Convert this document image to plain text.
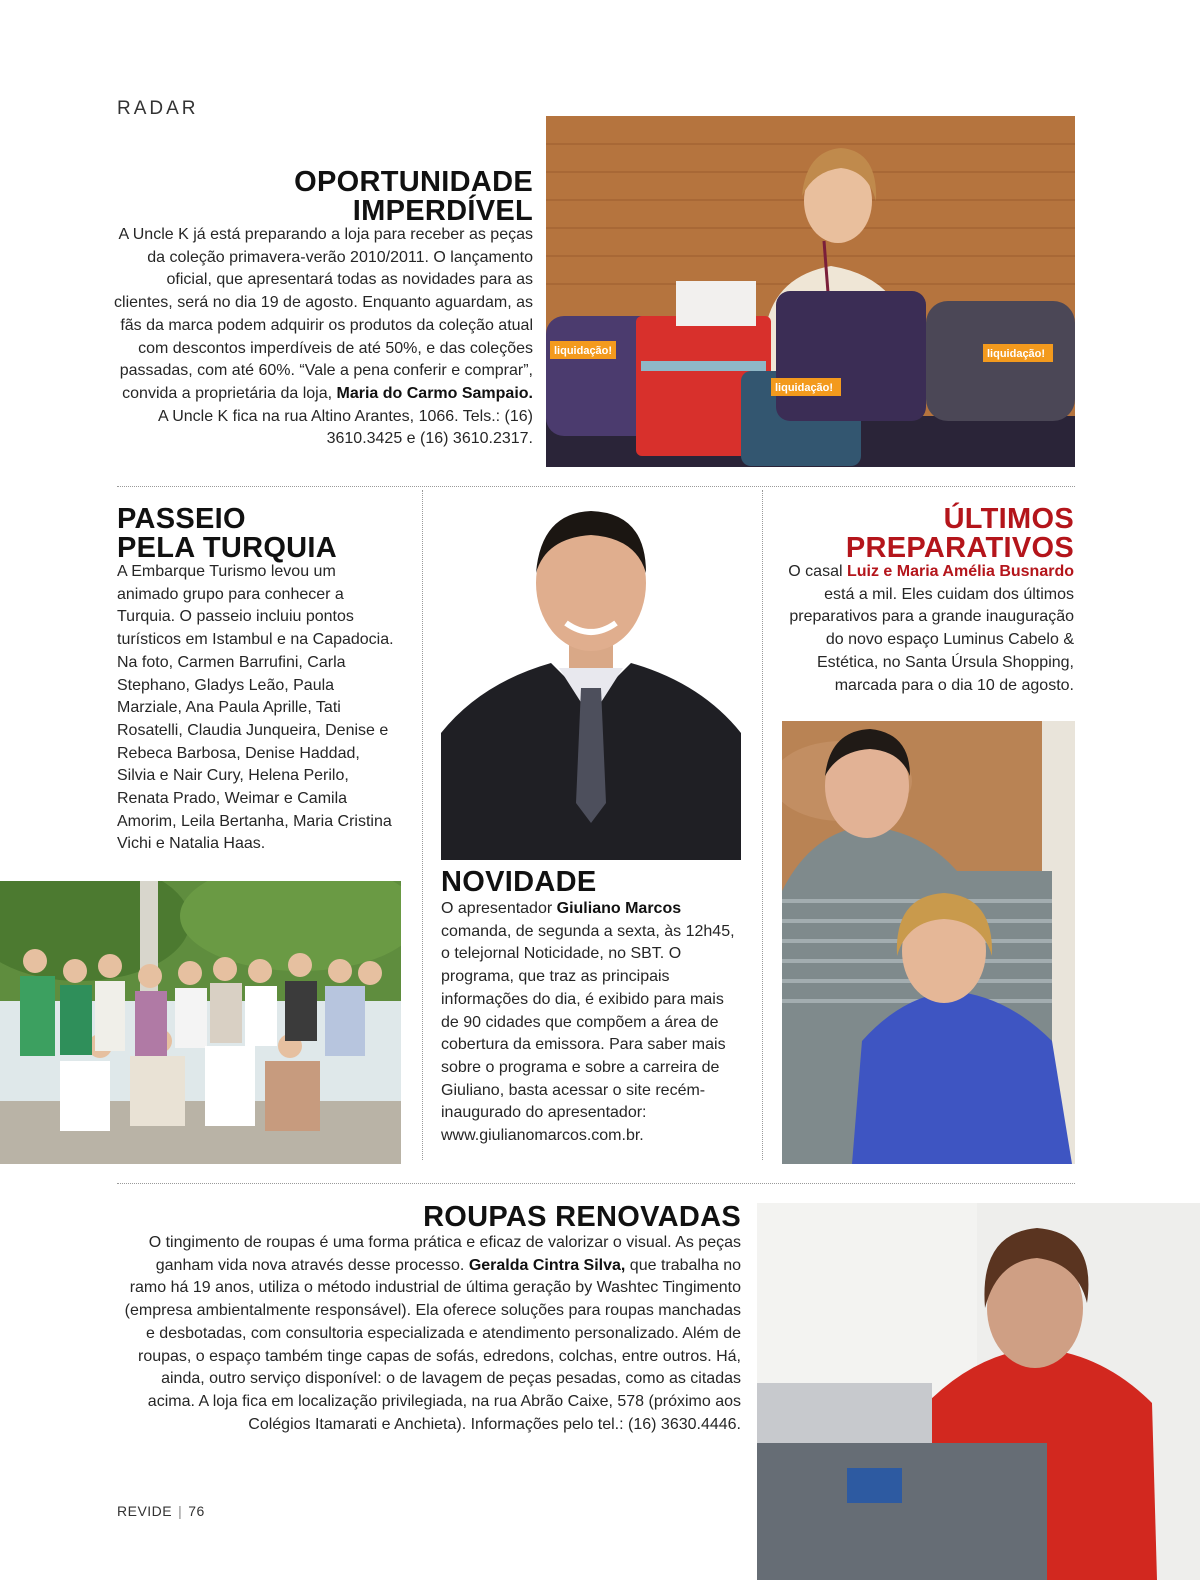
RADAR
OPORTUNIDADE
IMPERDÍVEL
A Uncle K já está preparando a loja para receber as peças da coleção primavera-verão 2010/2011. O lançamento oficial, que apresentará todas as novidades para as clientes, será no dia 19 de agosto. Enquanto aguardam, as fãs da marca podem adquirir os produtos da coleção atual com descontos imperdíveis de até 50%, e das coleções passadas, com até 60%. “Vale a pena conferir e comprar”, convida a proprietária da loja, Maria do Carmo Sampaio. A Uncle K fica na rua Altino Arantes, 1066. Tels.: (16) 3610.3425 e (16) 3610.2317.
liquidação!
liquidação!
liquidação!
PASSEIO
PELA TURQUIA
A Embarque Turismo levou um animado grupo para conhecer a Turquia. O passeio incluiu pontos turísticos em Istambul e na Capadocia. Na foto, Carmen Barrufini, Carla Stephano, Gladys Leão, Paula Marziale, Ana Paula Aprille, Tati Rosatelli, Claudia Junqueira, Denise e Rebeca Barbosa, Denise Haddad, Silvia e Nair Cury, Helena Perilo, Renata Prado, Weimar e Camila Amorim, Leila Bertanha, Maria Cristina Vichi e Natalia Haas.
NOVIDADE
O apresentador Giuliano Marcos comanda, de segunda a sexta, às 12h45, o telejornal Noticidade, no SBT. O programa, que traz as principais informações do dia, é exibido para mais de 90 cidades que compõem a área de cobertura da emissora. Para saber mais sobre o programa e sobre a carreira de Giuliano, basta acessar o site recém-inaugurado do apresentador: www.giulianomarcos.com.br.
ÚLTIMOS
PREPARATIVOS
O casal Luiz e Maria Amélia Busnardo está a mil. Eles cuidam dos últimos preparativos para a grande inauguração do novo espaço Luminus Cabelo & Estética, no Santa Úrsula Shopping, marcada para o dia 10 de agosto.
ROUPAS RENOVADAS
O tingimento de roupas é uma forma prática e eficaz de valorizar o visual. As peças ganham vida nova através desse processo. Geralda Cintra Silva, que trabalha no ramo há 19 anos, utiliza o método industrial de última geração by Washtec Tingimento (empresa ambientalmente responsável). Ela oferece soluções para roupas manchadas e desbotadas, com consultoria especializada e atendimento personalizado. Além de roupas, o espaço também tinge capas de sofás, edredons, colchas, entre outros. Há, ainda, outro serviço disponível: o de lavagem de peças pesadas, como as citadas acima. A loja fica em localização privilegiada, na rua Abrão Caixe, 578 (próximo aos Colégios Itamarati e Anchieta). Informações pelo tel.: (16) 3630.4446.
REVIDE | 76
